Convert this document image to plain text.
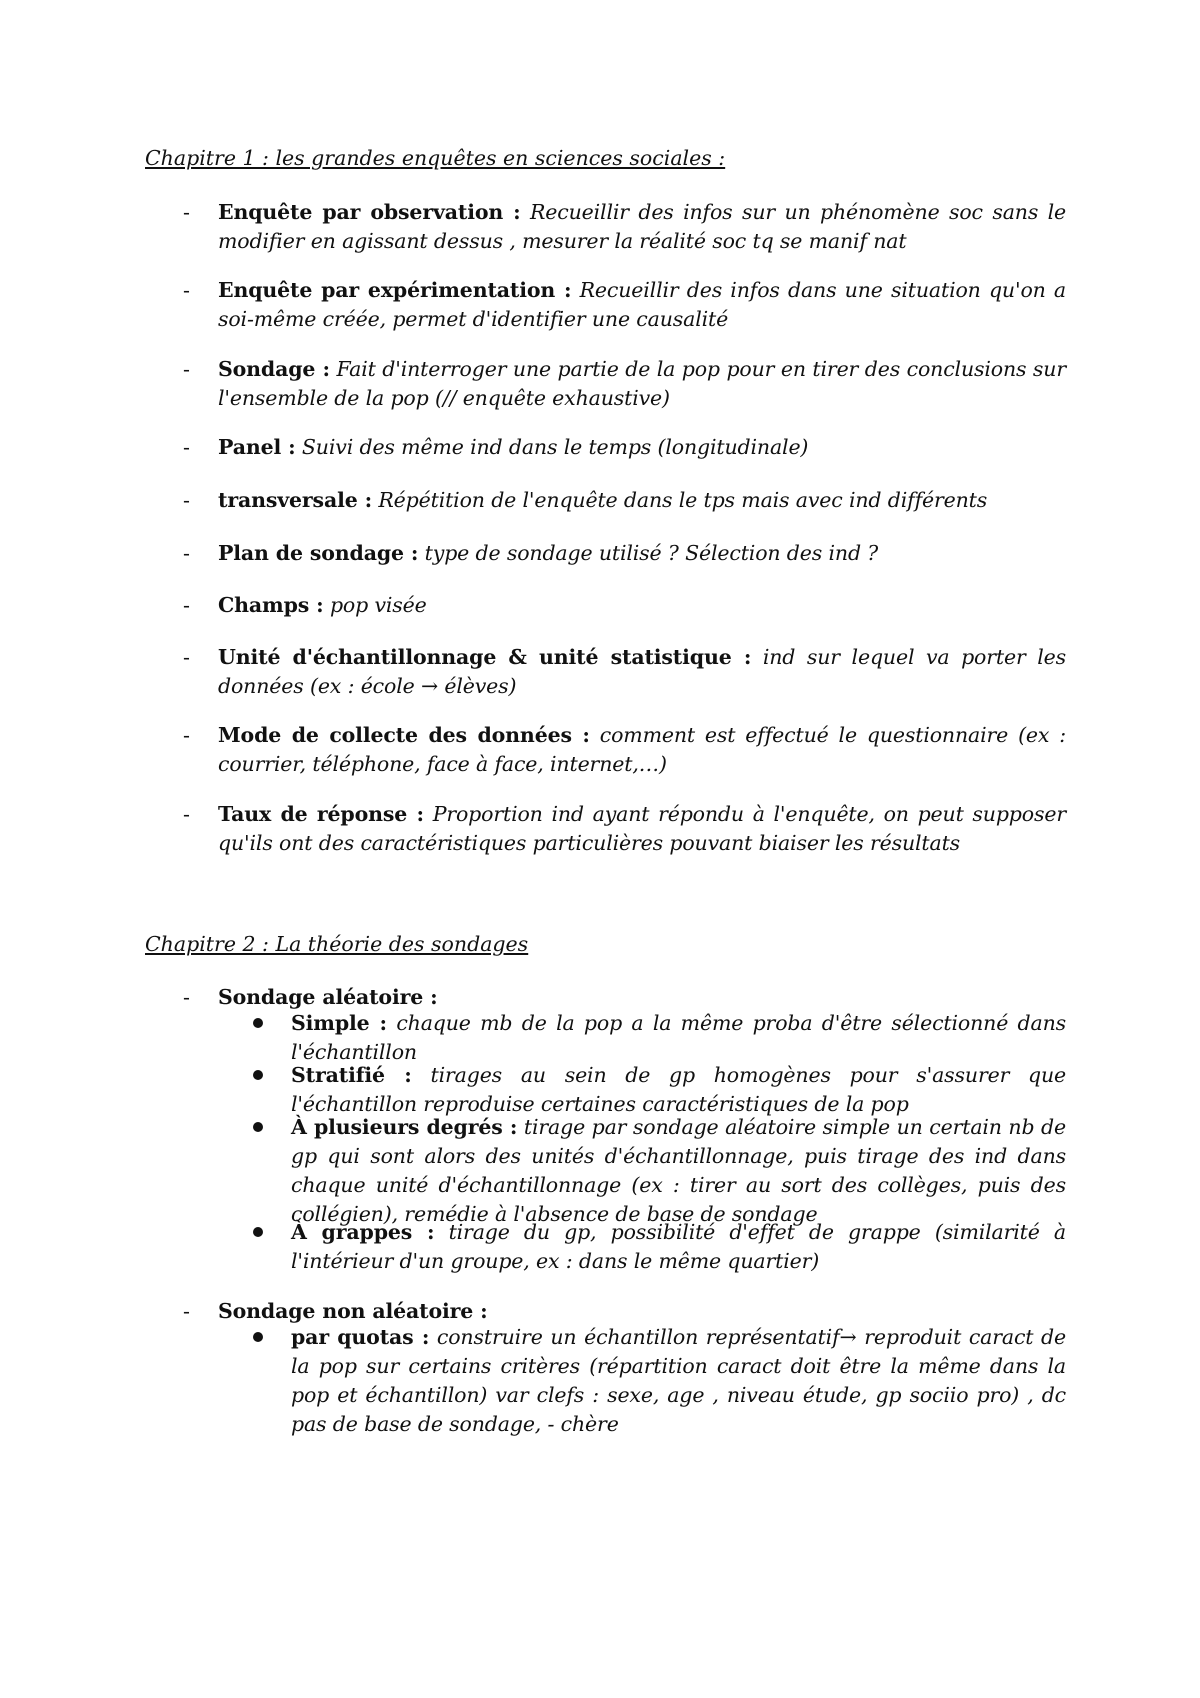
Chapitre 1 : les grandes enquêtes en sciences sociales :
- Enquête par observation : Recueillir des infos sur un phénomène soc sans le modifier en agissant dessus , mesurer la réalité soc tq se manif nat
- Enquête par expérimentation : Recueillir des infos dans une situation qu'on a soi-même créée, permet d'identifier une causalité
- Sondage : Fait d'interroger une partie de la pop pour en tirer des conclusions sur l'ensemble de la pop (// enquête exhaustive)
- Panel : Suivi des même ind dans le temps (longitudinale)
- transversale : Répétition de l'enquête dans le tps mais avec ind différents
- Plan de sondage : type de sondage utilisé ? Sélection des ind ?
- Champs : pop visée
- Unité d'échantillonnage & unité statistique : ind sur lequel va porter les données (ex : école → élèves)
- Mode de collecte des données : comment est effectué le questionnaire (ex : courrier, téléphone, face à face, internet,…)
- Taux de réponse : Proportion ind ayant répondu à l'enquête, on peut supposer qu'ils ont des caractéristiques particulières pouvant biaiser les résultats
Chapitre 2 : La théorie des sondages
- Sondage aléatoire :
Simple : chaque mb de la pop a la même proba d'être sélectionné dans l'échantillon
Stratifié : tirages au sein de gp homogènes pour s'assurer que l'échantillon reproduise certaines caractéristiques de la pop
À plusieurs degrés : tirage par sondage aléatoire simple un certain nb de gp qui sont alors des unités d'échantillonnage, puis tirage des ind dans chaque unité d'échantillonnage (ex : tirer au sort des collèges, puis des collégien), remédie à l'absence de base de sondage
À grappes : tirage du gp, possibilité d'effet de grappe (similarité à l'intérieur d'un groupe, ex : dans le même quartier)
- Sondage non aléatoire :
par quotas : construire un échantillon représentatif→ reproduit caract de la pop sur certains critères (répartition caract doit être la même dans la pop et échantillon) var clefs : sexe, age , niveau étude, gp sociio pro) , dc pas de base de sondage, - chère
